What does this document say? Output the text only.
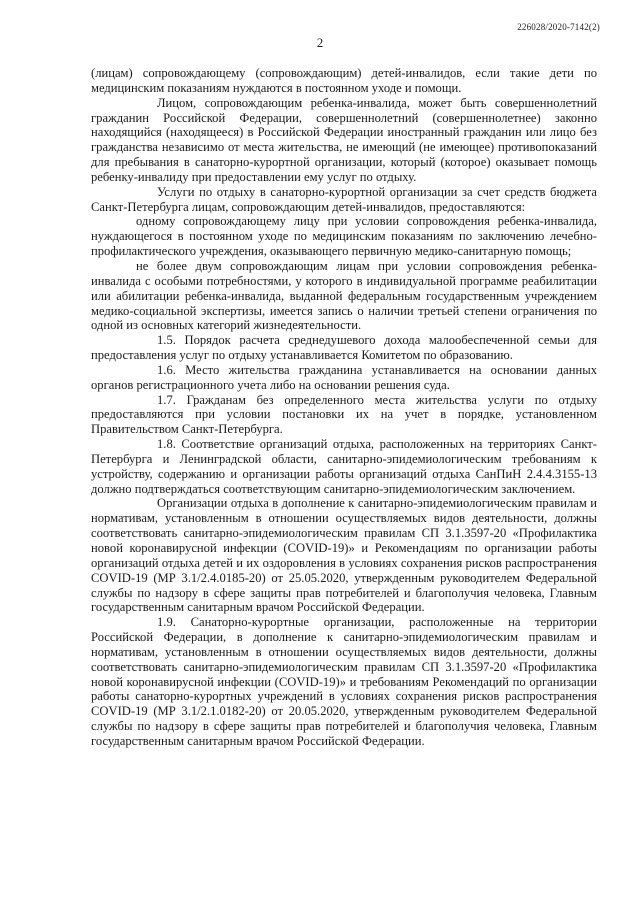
226028/2020-7142(2)
2

(лицам) сопровождающему (сопровождающим) детей-инвалидов, если такие дети по медицинским показаниям нуждаются в постоянном уходе и помощи.

Лицом, сопровождающим ребенка-инвалида, может быть совершеннолетний гражданин Российской Федерации, совершеннолетний (совершеннолетнее) законно находящийся (находящееся) в Российской Федерации иностранный гражданин или лицо без гражданства независимо от места жительства, не имеющий (не имеющее) противопоказаний для пребывания в санаторно-курортной организации, который (которое) оказывает помощь ребенку-инвалиду при предоставлении ему услуг по отдыху.

Услуги по отдыху в санаторно-курортной организации за счет средств бюджета Санкт-Петербурга лицам, сопровождающим детей-инвалидов, предоставляются:

одному сопровождающему лицу при условии сопровождения ребенка-инвалида, нуждающегося в постоянном уходе по медицинским показаниям по заключению лечебно-профилактического учреждения, оказывающего первичную медико-санитарную помощь;

не более двум сопровождающим лицам при условии сопровождения ребенка-инвалида с особыми потребностями, у которого в индивидуальной программе реабилитации или абилитации ребенка-инвалида, выданной федеральным государственным учреждением медико-социальной экспертизы, имеется запись о наличии третьей степени ограничения по одной из основных категорий жизнедеятельности.

1.5. Порядок расчета среднедушевого дохода малообеспеченной семьи для предоставления услуг по отдыху устанавливается Комитетом по образованию.

1.6. Место жительства гражданина устанавливается на основании данных органов регистрационного учета либо на основании решения суда.

1.7. Гражданам без определенного места жительства услуги по отдыху предоставляются при условии постановки их на учет в порядке, установленном Правительством Санкт-Петербурга.

1.8. Соответствие организаций отдыха, расположенных на территориях Санкт-Петербурга и Ленинградской области, санитарно-эпидемиологическим требованиям к устройству, содержанию и организации работы организаций отдыха СанПиН 2.4.4.3155-13 должно подтверждаться соответствующим санитарно-эпидемиологическим заключением.

Организации отдыха в дополнение к санитарно-эпидемиологическим правилам и нормативам, установленным в отношении осуществляемых видов деятельности, должны соответствовать санитарно-эпидемиологическим правилам СП 3.1.3597-20 «Профилактика новой коронавирусной инфекции (COVID-19)» и Рекомендациям по организации работы организаций отдыха детей и их оздоровления в условиях сохранения рисков распространения COVID-19 (МР 3.1/2.4.0185-20) от 25.05.2020, утвержденным руководителем Федеральной службы по надзору в сфере защиты прав потребителей и благополучия человека, Главным государственным санитарным врачом Российской Федерации.

1.9. Санаторно-курортные организации, расположенные на территории Российской Федерации, в дополнение к санитарно-эпидемиологическим правилам и нормативам, установленным в отношении осуществляемых видов деятельности, должны соответствовать санитарно-эпидемиологическим правилам СП 3.1.3597-20 «Профилактика новой коронавирусной инфекции (COVID-19)» и требованиям Рекомендаций по организации работы санаторно-курортных учреждений в условиях сохранения рисков распространения COVID-19 (МР 3.1/2.1.0182-20) от 20.05.2020, утвержденным руководителем Федеральной службы по надзору в сфере защиты прав потребителей и благополучия человека, Главным государственным санитарным врачом Российской Федерации.
